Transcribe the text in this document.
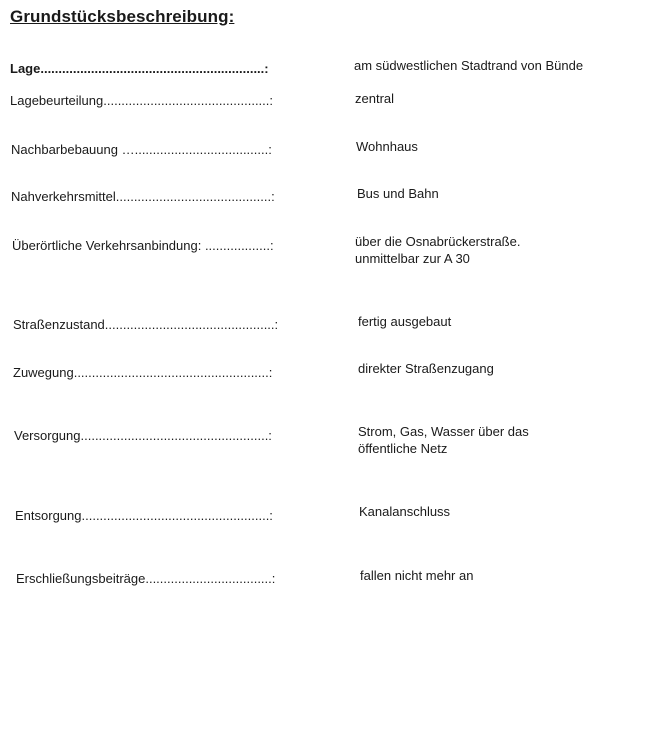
Grundstücksbeschreibung:
Lage..............................................................:	am südwestlichen Stadtrand von Bünde
Lagebeurteilung..............................................:	zentral
Nachbarbebauung ….....................................:	Wohnhaus
Nahverkehrsmittel...........................................:	Bus und Bahn
Überörtliche Verkehrsanbindung: ..................:	über die Osnabrückerstraße.
unmittelbar zur A 30
Straßenzustand...............................................:	fertig ausgebaut
Zuwegung......................................................:	direkter Straßenzugang
Versorgung....................................................:	Strom, Gas, Wasser über das
öffentliche Netz
Entsorgung....................................................:	Kanalanschluss
Erschließungsbeiträge...................................:	fallen nicht mehr an
